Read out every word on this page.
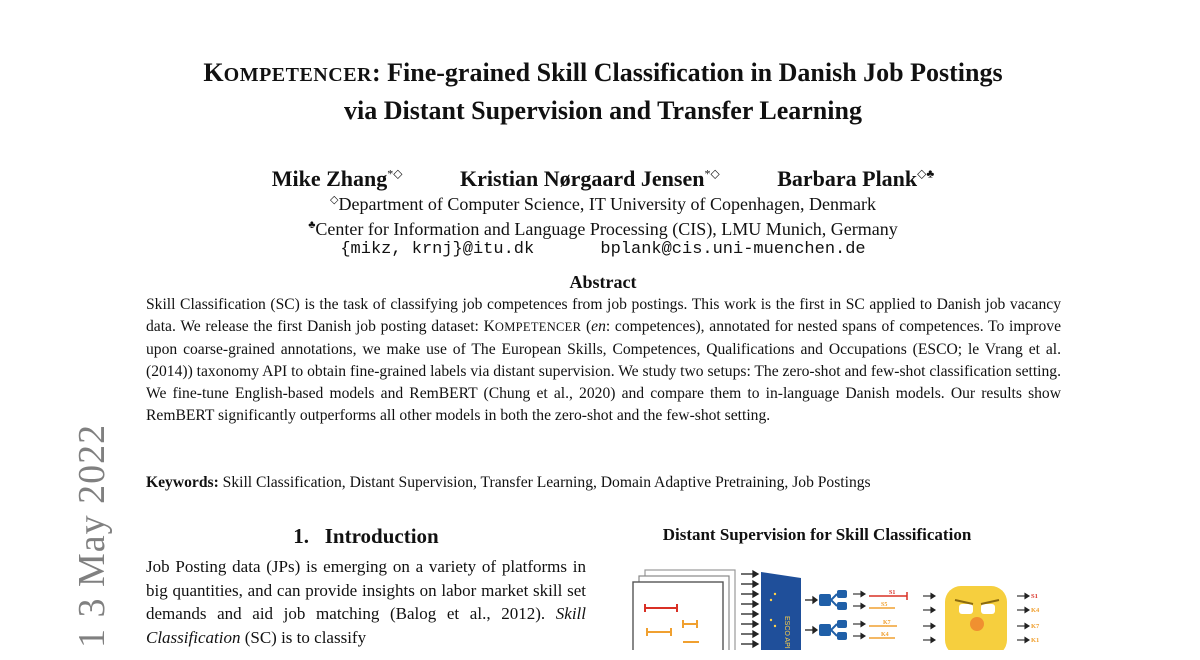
KOMPETENCER: Fine-grained Skill Classification in Danish Job Postings
via Distant Supervision and Transfer Learning
Mike Zhang*◇	Kristian Nørgaard Jensen*◇	Barbara Plank◇♣
◇Department of Computer Science, IT University of Copenhagen, Denmark
♣Center for Information and Language Processing (CIS), LMU Munich, Germany
{mikz, krnj}@itu.dk	bplank@cis.uni-muenchen.de
Abstract
Skill Classification (SC) is the task of classifying job competences from job postings. This work is the first in SC applied to Danish job vacancy data. We release the first Danish job posting dataset: KOMPETENCER (en: competences), annotated for nested spans of competences. To improve upon coarse-grained annotations, we make use of The European Skills, Competences, Qualifications and Occupations (ESCO; le Vrang et al. (2014)) taxonomy API to obtain fine-grained labels via distant supervision. We study two setups: The zero-shot and few-shot classification setting. We fine-tune English-based models and RemBERT (Chung et al., 2020) and compare them to in-language Danish models. Our results show RemBERT significantly outperforms all other models in both the zero-shot and the few-shot setting.
Keywords: Skill Classification, Distant Supervision, Transfer Learning, Domain Adaptive Pretraining, Job Postings
1 3 May 2022	1.   Introduction
Job Posting data (JPs) is emerging on a variety of platforms in big quantities, and can provide insights on labor market skill set demands and aid job matching (Balog et al., 2012). Skill Classification (SC) is to classify
Distant Supervision for Skill Classification
ESCO API
S1
S5
K7
K4
S1
K4
K7
K1
